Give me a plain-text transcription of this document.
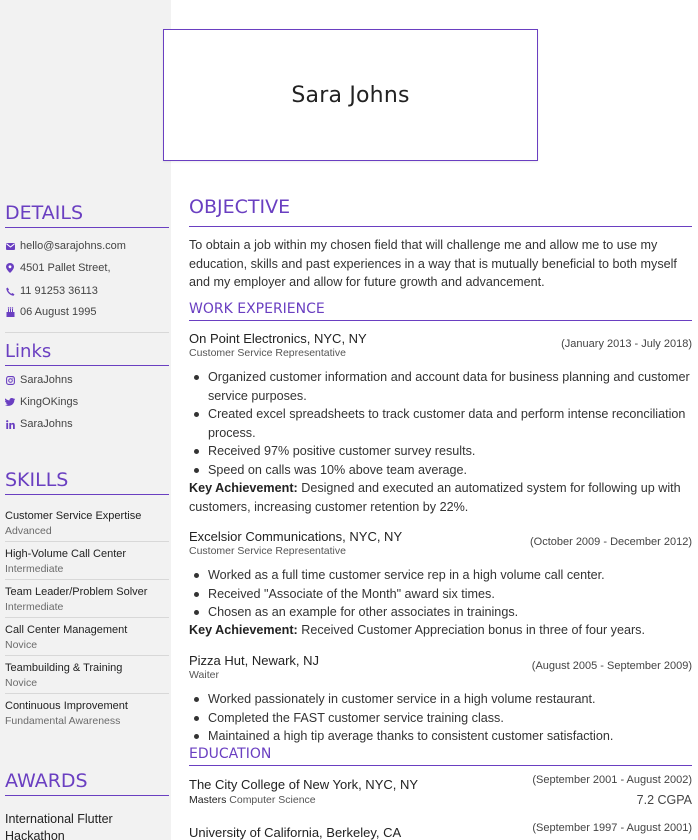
Sara Johns
DETAILS
hello@sarajohns.com
4501 Pallet Street,
11 91253 36113
06 August 1995
Links
SaraJohns
KingOKings
SaraJohns
SKILLS
Customer Service Expertise
Advanced
High-Volume Call Center
Intermediate
Team Leader/Problem Solver
Intermediate
Call Center Management
Novice
Teambuilding & Training
Novice
Continuous Improvement
Fundamental Awareness
AWARDS
International Flutter Hackathon
OBJECTIVE
To obtain a job within my chosen field that will challenge me and allow me to use my education, skills and past experiences in a way that is mutually beneficial to both myself and my employer and allow for future growth and advancement.
WORK EXPERIENCE
On Point Electronics, NYC, NY
Customer Service Representative
(January 2013 - July 2018)
Organized customer information and account data for business planning and customer service purposes.
Created excel spreadsheets to track customer data and perform intense reconciliation process.
Received 97% positive customer survey results.
Speed on calls was 10% above team average.
Key Achievement: Designed and executed an automatized system for following up with customers, increasing customer retention by 22%.
Excelsior Communications, NYC, NY
Customer Service Representative
(October 2009 - December 2012)
Worked as a full time customer service rep in a high volume call center.
Received "Associate of the Month" award six times.
Chosen as an example for other associates in trainings.
Key Achievement: Received Customer Appreciation bonus in three of four years.
Pizza Hut, Newark, NJ
Waiter
(August 2005 - September 2009)
Worked passionately in customer service in a high volume restaurant.
Completed the FAST customer service training class.
Maintained a high tip average thanks to consistent customer satisfaction.
EDUCATION
The City College of New York, NYC, NY
Masters Computer Science
(September 2001 - August 2002)
7.2 CGPA
University of California, Berkeley, CA	(September 1997 - August 2001)
